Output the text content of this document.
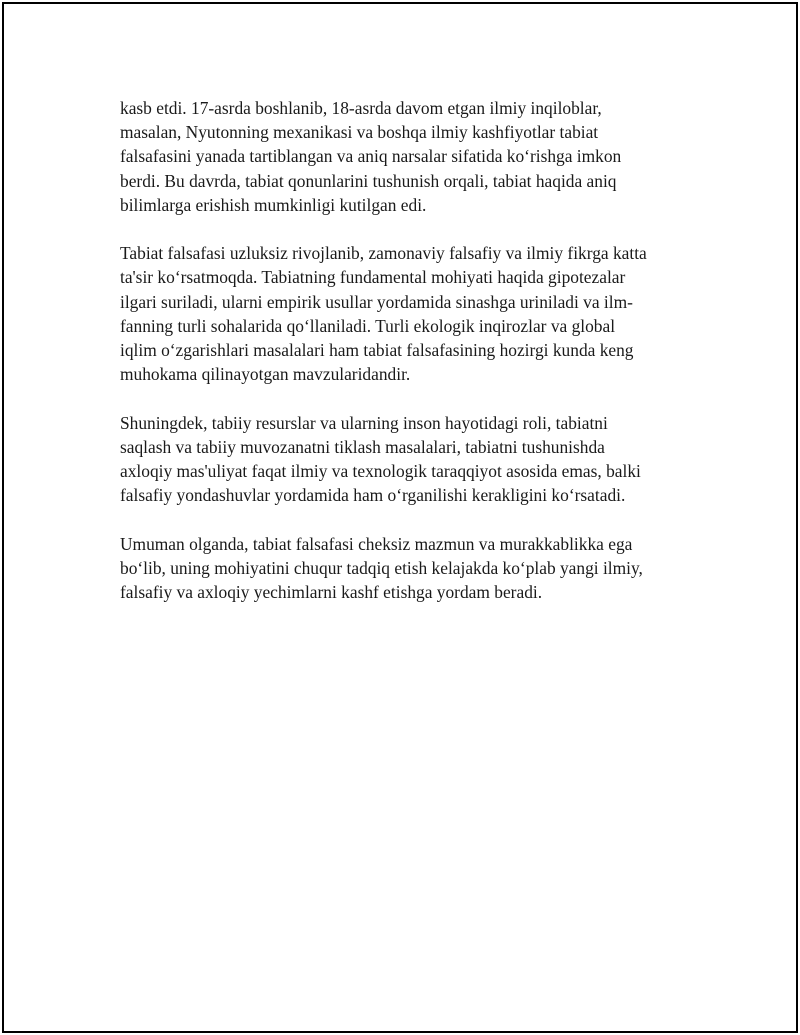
kasb etdi. 17-asrda boshlanib, 18-asrda davom etgan ilmiy inqiloblar,
masalan, Nyutonning mexanikasi va boshqa ilmiy kashfiyotlar tabiat
falsafasini yanada tartiblangan va aniq narsalar sifatida ko‘rishga imkon
berdi. Bu davrda, tabiat qonunlarini tushunish orqali, tabiat haqida aniq
bilimlarga erishish mumkinligi kutilgan edi.

Tabiat falsafasi uzluksiz rivojlanib, zamonaviy falsafiy va ilmiy fikrga katta
ta'sir ko‘rsatmoqda. Tabiatning fundamental mohiyati haqida gipotezalar
ilgari suriladi, ularni empirik usullar yordamida sinashga uriniladi va ilm-
fanning turli sohalarida qo‘llaniladi. Turli ekologik inqirozlar va global
iqlim o‘zgarishlari masalalari ham tabiat falsafasining hozirgi kunda keng
muhokama qilinayotgan mavzularidandir.

Shuningdek, tabiiy resurslar va ularning inson hayotidagi roli, tabiatni
saqlash va tabiiy muvozanatni tiklash masalalari, tabiatni tushunishda
axloqiy mas'uliyat faqat ilmiy va texnologik taraqqiyot asosida emas, balki
falsafiy yondashuvlar yordamida ham o‘rganilishi kerakligini ko‘rsatadi.

Umuman olganda, tabiat falsafasi cheksiz mazmun va murakkablikka ega
bo‘lib, uning mohiyatini chuqur tadqiq etish kelajakda ko‘plab yangi ilmiy,
falsafiy va axloqiy yechimlarni kashf etishga yordam beradi.
